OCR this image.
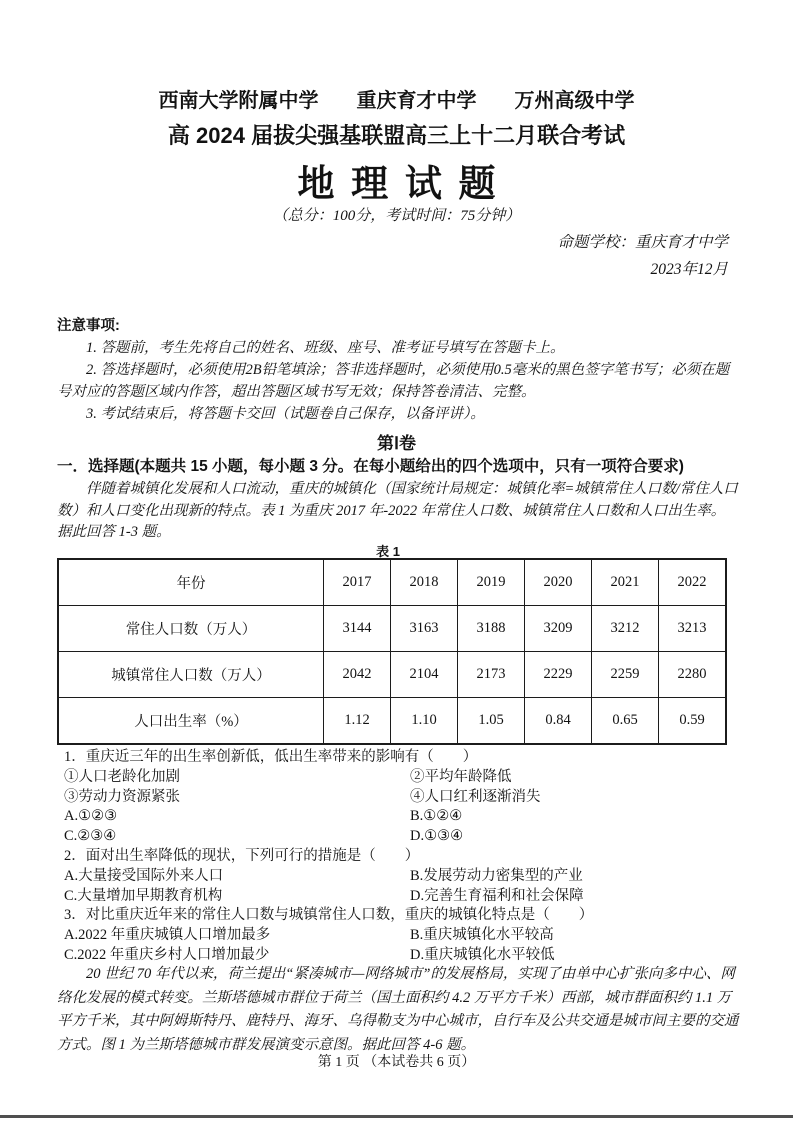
西南大学附属中学 重庆育才中学 万州高级中学
高 2024 届拔尖强基联盟高三上十二月联合考试
地理试题
（总分：100分，考试时间：75分钟）
命题学校：重庆育才中学
2023年12月

注意事项:

1. 答题前，考生先将自己的姓名、班级、座号、准考证号填写在答题卡上。

2. 答选择题时，必须使用2B铅笔填涂；答非选择题时，必须使用0.5毫米的黑色签字笔书写；必须在题号对应的答题区域内作答，超出答题区域书写无效；保持答卷清洁、完整。

3. 考试结束后，将答题卡交回（试题卷自己保存，以备评讲）。

第Ⅰ卷
一．选择题(本题共 15 小题，每小题 3 分。在每小题给出的四个选项中，只有一项符合要求)

伴随着城镇化发展和人口流动，重庆的城镇化（国家统计局规定：城镇化率=城镇常住人口数/常住人口数）和人口变化出现新的特点。表 1 为重庆 2017 年-2022 年常住人口数、城镇常住人口数和人口出生率。据此回答 1-3 题。

表 1
年份	2017	2018	2019	2020	2021	2022
常住人口数（万人）	3144	3163	3188	3209	3212	3213
城镇常住人口数（万人）	2042	2104	2173	2229	2259	2280
人口出生率（%）	1.12	1.10	1.05	0.84	0.65	0.59

1．重庆近三年的出生率创新低，低出生率带来的影响有（　　）

①人口老龄化加剧	②平均年龄降低
③劳动力资源紧张	④人口红利逐渐消失
A.①②③	B.①②④
C.②③④	D.①③④

2．面对出生率降低的现状，下列可行的措施是（　　）

A.大量接受国际外来人口	B.发展劳动力密集型的产业
C.大量增加早期教育机构	D.完善生育福利和社会保障

3．对比重庆近年来的常住人口数与城镇常住人口数，重庆的城镇化特点是（　　）

A.2022 年重庆城镇人口增加最多	B.重庆城镇化水平较高
C.2022 年重庆乡村人口增加最少	D.重庆城镇化水平较低

20 世纪 70 年代以来，荷兰提出“紧凑城市—网络城市”的发展格局，实现了由单中心扩张向多中心、网络化发展的模式转变。兰斯塔德城市群位于荷兰（国土面积约 4.2 万平方千米）西部，城市群面积约 1.1 万平方千米，其中阿姆斯特丹、鹿特丹、海牙、乌得勒支为中心城市，自行车及公共交通是城市间主要的交通方式。图 1 为兰斯塔德城市群发展演变示意图。据此回答 4-6 题。

第 1 页 （本试卷共 6 页）
